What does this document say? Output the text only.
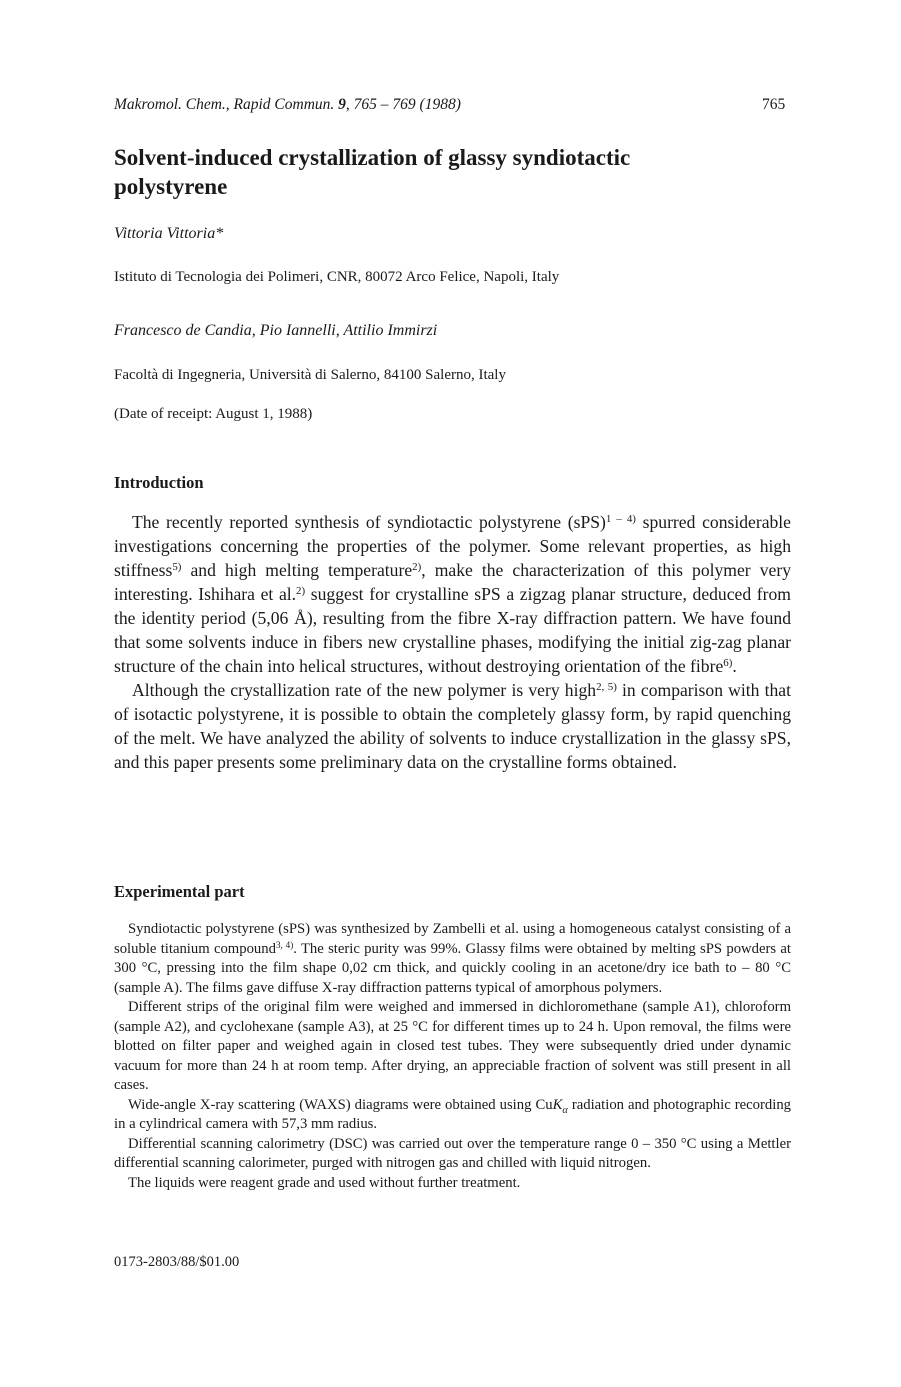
Makromol. Chem., Rapid Commun. 9, 765 – 769 (1988)	765
Solvent-induced crystallization of glassy syndiotactic polystyrene
Vittoria Vittoria*
Istituto di Tecnologia dei Polimeri, CNR, 80072 Arco Felice, Napoli, Italy
Francesco de Candia, Pio Iannelli, Attilio Immirzi
Facoltà di Ingegneria, Università di Salerno, 84100 Salerno, Italy
(Date of receipt: August 1, 1988)
Introduction

The recently reported synthesis of syndiotactic polystyrene (sPS)$^{1 - 4)}$ spurred considerable investigations concerning the properties of the polymer. Some relevant properties, as high stiffness$^{5)}$ and high melting temperature$^{2)}$, make the characterization of this polymer very interesting. Ishihara et al.$^{2)}$ suggest for crystalline sPS a zigzag planar structure, deduced from the identity period (5,06 Å), resulting from the fibre X-ray diffraction pattern. We have found that some solvents induce in fibers new crystalline phases, modifying the initial zig-zag planar structure of the chain into helical structures, without destroying orientation of the fibre$^{6)}$.

Although the crystallization rate of the new polymer is very high$^{2, 5)}$ in comparison with that of isotactic polystyrene, it is possible to obtain the completely glassy form, by rapid quenching of the melt. We have analyzed the ability of solvents to induce crystallization in the glassy sPS, and this paper presents some preliminary data on the crystalline forms obtained.

Experimental part

Syndiotactic polystyrene (sPS) was synthesized by Zambelli et al. using a homogeneous catalyst consisting of a soluble titanium compound$^{3, 4)}$. The steric purity was 99%. Glassy films were obtained by melting sPS powders at 300 °C, pressing into the film shape 0,02 cm thick, and quickly cooling in an acetone/dry ice bath to – 80 °C (sample A). The films gave diffuse X-ray diffraction patterns typical of amorphous polymers.

Different strips of the original film were weighed and immersed in dichloromethane (sample A1), chloroform (sample A2), and cyclohexane (sample A3), at 25 °C for different times up to 24 h. Upon removal, the films were blotted on filter paper and weighed again in closed test tubes. They were subsequently dried under dynamic vacuum for more than 24 h at room temp. After drying, an appreciable fraction of solvent was still present in all cases.

Wide-angle X-ray scattering (WAXS) diagrams were obtained using CuK$_\alpha$ radiation and photographic recording in a cylindrical camera with 57,3 mm radius.

Differential scanning calorimetry (DSC) was carried out over the temperature range 0 – 350 °C using a Mettler differential scanning calorimeter, purged with nitrogen gas and chilled with liquid nitrogen.

The liquids were reagent grade and used without further treatment.

0173-2803/88/$01.00
